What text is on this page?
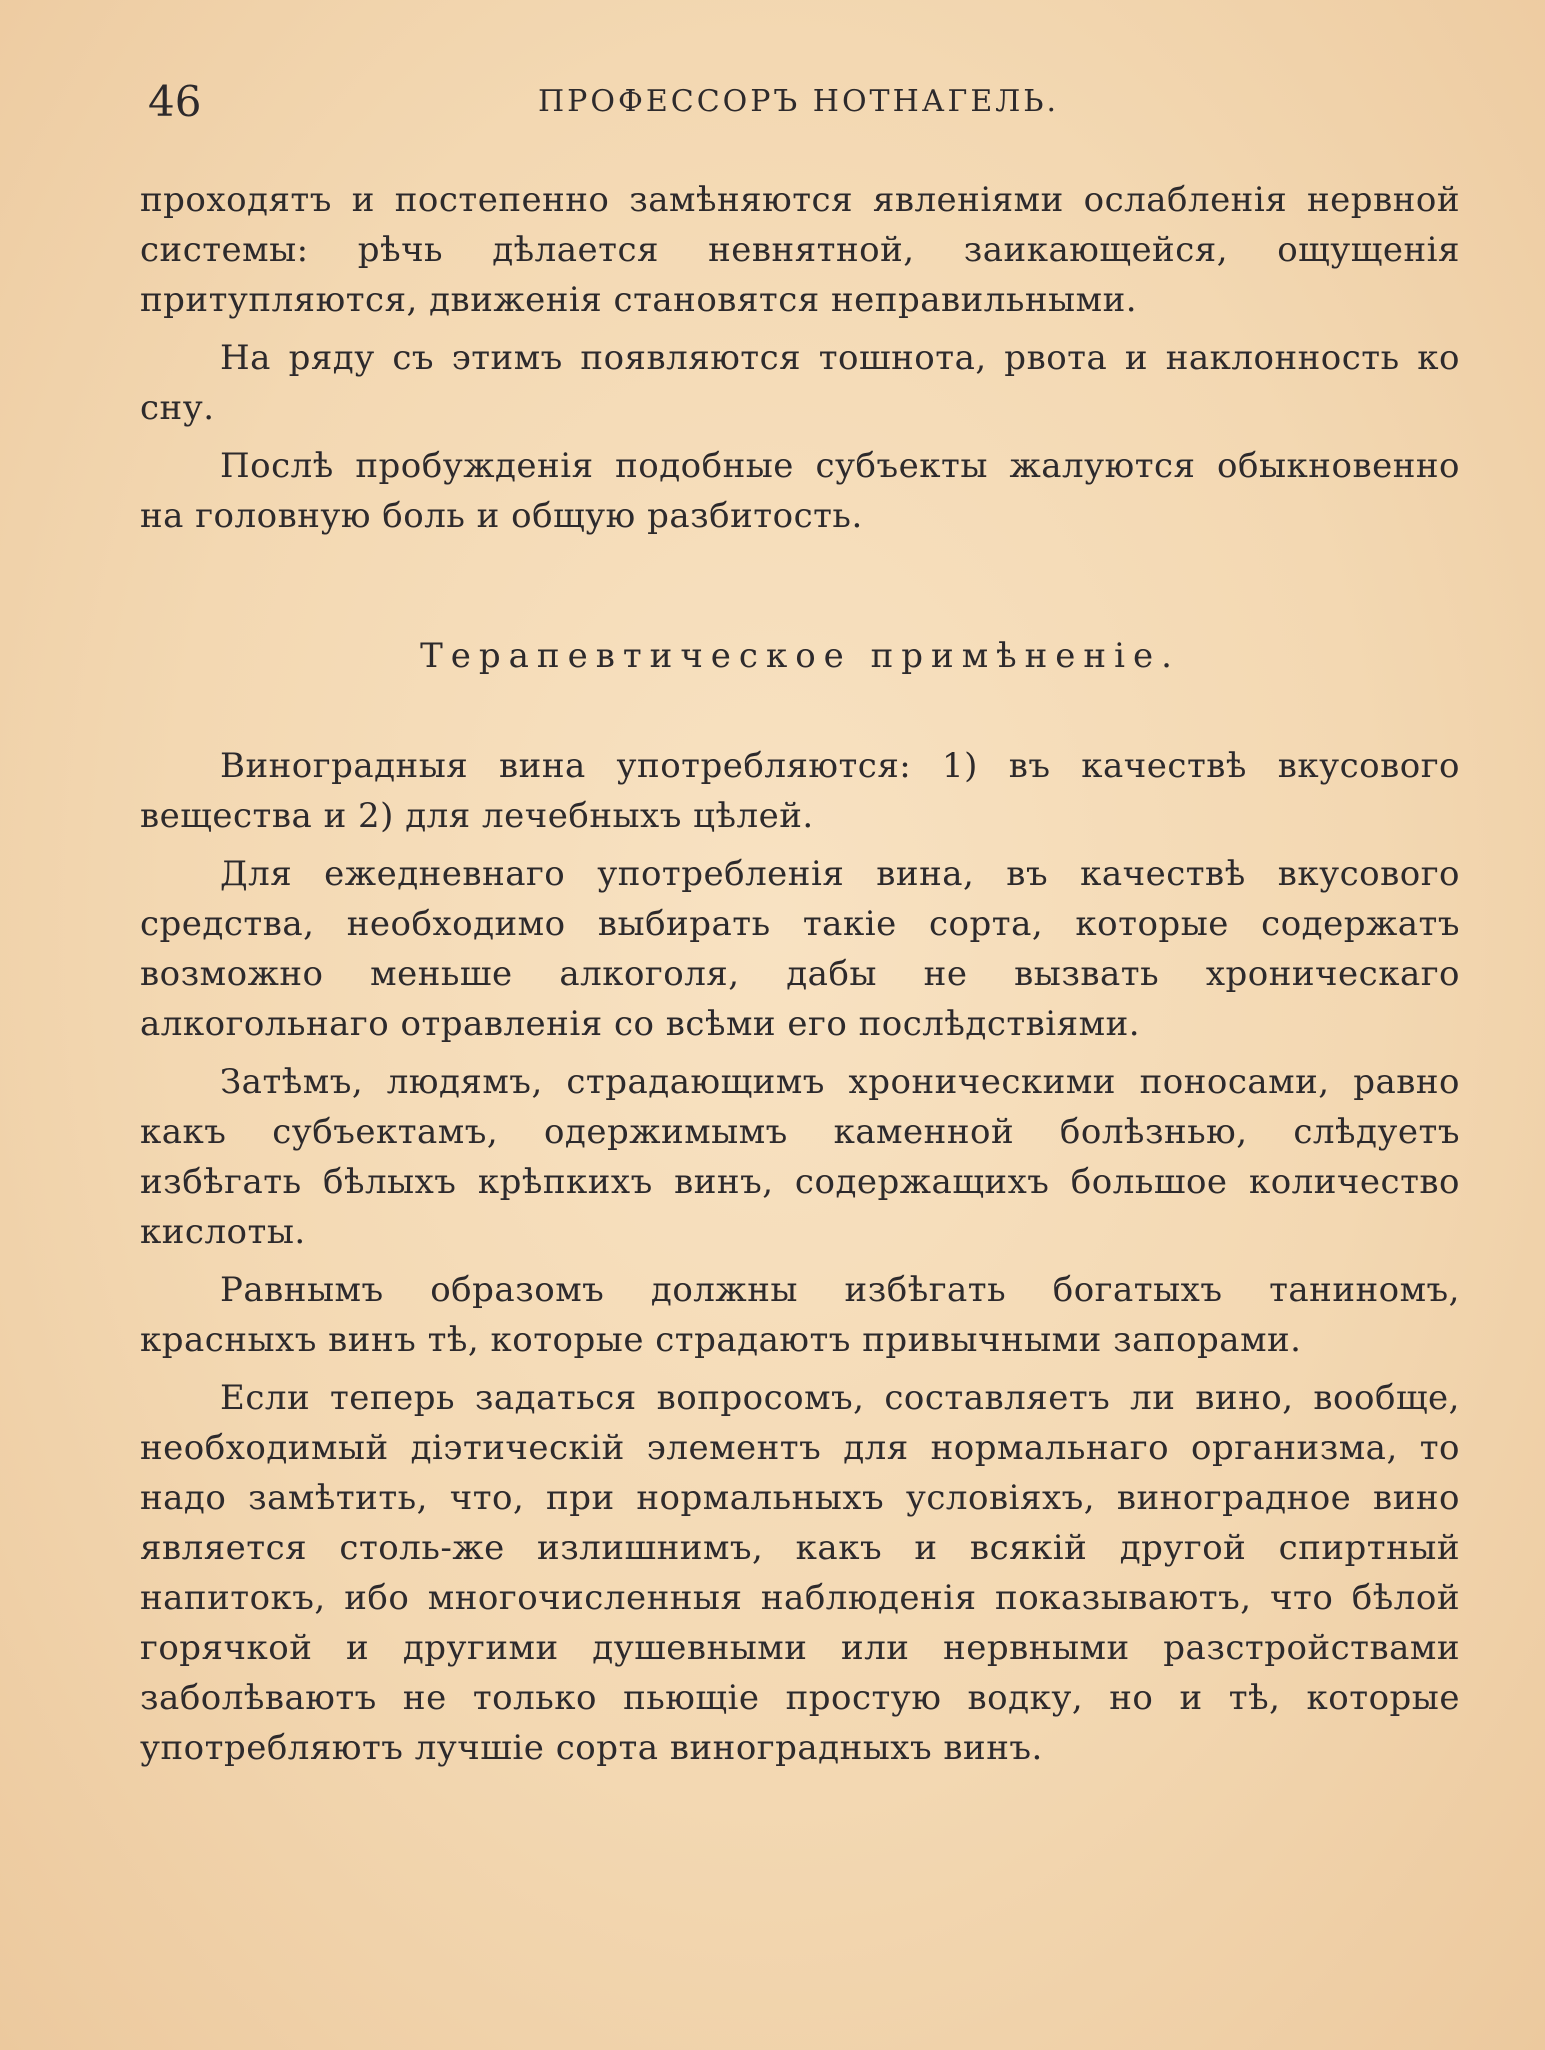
46	ПРОФЕССОРЪ НОТНАГЕЛЬ.

проходятъ и постепенно замѣняются явленіями ослабленія нервной системы: рѣчь дѣлается невнятной, заикающейся, ощущенія притупляются, движенія становятся неправильными.

На ряду съ этимъ появляются тошнота, рвота и наклонность ко сну.

Послѣ пробужденія подобные субъекты жалуются обыкновенно на головную боль и общую разбитость.

Терапевтическое примѣненіе.

Виноградныя вина употребляются: 1) въ качествѣ вкусового вещества и 2) для лечебныхъ цѣлей.

Для ежедневнаго употребленія вина, въ качествѣ вкусового средства, необходимо выбирать такіе сорта, которые содержатъ возможно меньше алкоголя, дабы не вызвать хроническаго алкогольнаго отравленія со всѣми его послѣдствіями.

Затѣмъ, людямъ, страдающимъ хроническими поносами, равно какъ субъектамъ, одержимымъ каменной болѣзнью, слѣдуетъ избѣгать бѣлыхъ крѣпкихъ винъ, содержащихъ большое количество кислоты.

Равнымъ образомъ должны избѣгать богатыхъ таниномъ, красныхъ винъ тѣ, которые страдаютъ привычными запорами.

Если теперь задаться вопросомъ, составляетъ ли вино, вообще, необходимый діэтическій элементъ для нормальнаго организма, то надо замѣтить, что, при нормальныхъ условіяхъ, виноградное вино является столь-же излишнимъ, какъ и всякій другой спиртный напитокъ, ибо многочисленныя наблюденія показываютъ, что бѣлой горячкой и другими душевными или нервными разстройствами заболѣваютъ не только пьющіе простую водку, но и тѣ, которые употребляютъ лучшіе сорта виноградныхъ винъ.
